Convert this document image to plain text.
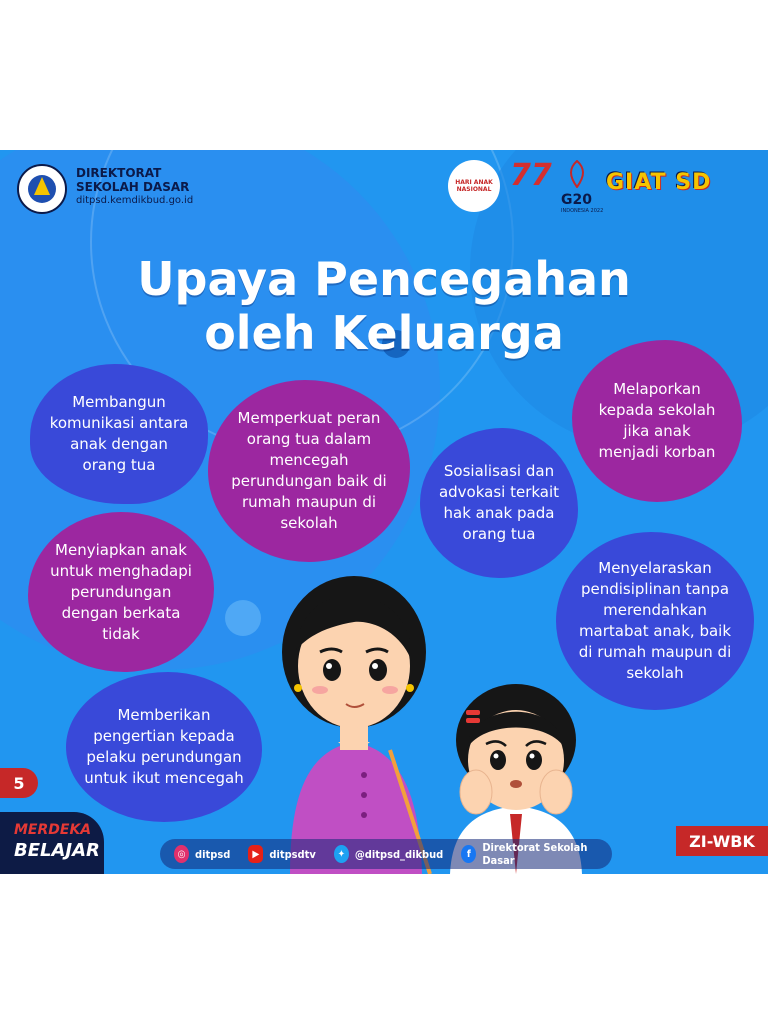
DIREKTORAT
SEKOLAH DASAR
ditpsd.kemdikbud.go.id
HARI ANAK NASIONAL 77
G20
INDONESIA 2022
GIAT SD
Upaya Pencegahan
oleh Keluarga
Membangun
komunikasi antara
anak dengan
orang tua
Memperkuat peran
orang tua dalam
mencegah
perundungan baik di
rumah maupun di
sekolah
Sosialisasi dan
advokasi terkait
hak anak pada
orang tua
Melaporkan
kepada sekolah
jika anak
menjadi korban
Menyiapkan anak
untuk menghadapi
perundungan
dengan berkata
tidak
Menyelaraskan
pendisiplinan tanpa
merendahkan
martabat anak, baik
di rumah maupun di
sekolah
Memberikan
pengertian kepada
pelaku perundungan
untuk ikut mencegah
5
MERDEKA
BELAJAR	ZI-WBK
◎ ditpsd	▶ ditpsdtv	✦ @ditpsd_dikbud	f	Direktorat Sekolah Dasar
